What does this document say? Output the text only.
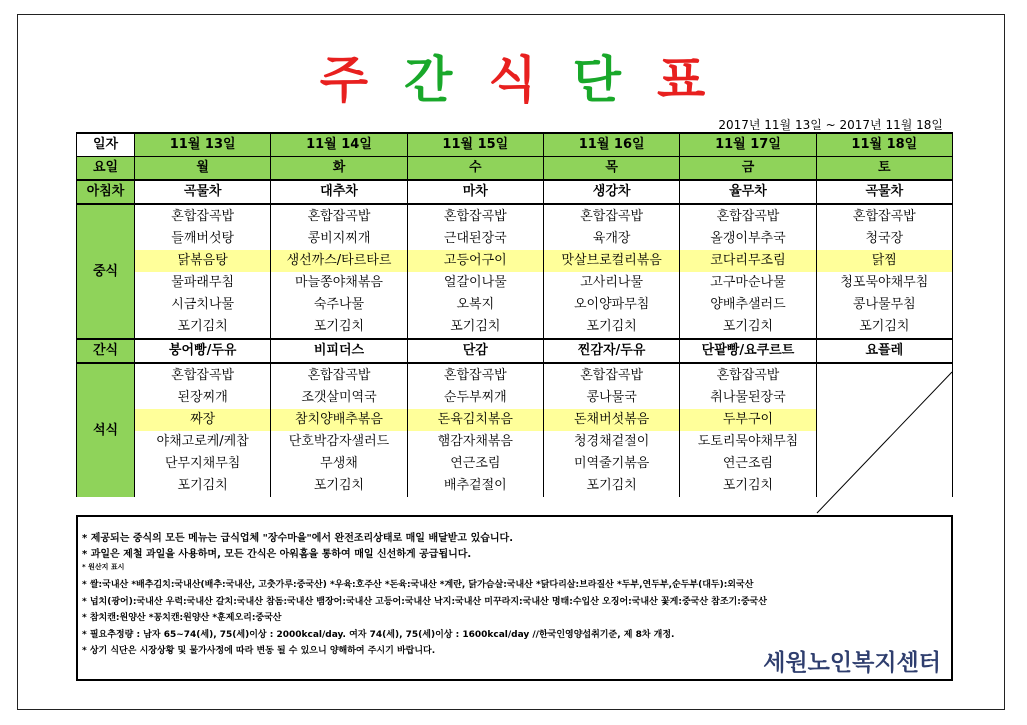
주 간 식 단 표
2017년 11월 13일 ~ 2017년 11월 18일
일자	11월 13일	11월 14일	11월 15일	11월 16일	11월 17일	11월 18일
요일	월	화	수	목	금	토
아침차	곡물차	대추차	마차	생강차	율무차	곡물차
중식	혼합잡곡밥	혼합잡곡밥	혼합잡곡밥	혼합잡곡밥	혼합잡곡밥	혼합잡곡밥
	들깨버섯탕	콩비지찌개	근대된장국	육개장	올갱이부추국	청국장
	닭볶음탕	생선까스/타르타르	고등어구이	맛살브로컬리볶음	코다리무조림	닭찜
	물파래무침	마늘쫑야채볶음	얼갈이나물	고사리나물	고구마순나물	청포묵야채무침
	시금치나물	숙주나물	오복지	오이양파무침	양배추샐러드	콩나물무침
	포기김치	포기김치	포기김치	포기김치	포기김치	포기김치
간식	붕어빵/두유	비피더스	단감	찐감자/두유	단팥빵/요쿠르트	요플레
석식	혼합잡곡밥	혼합잡곡밥	혼합잡곡밥	혼합잡곡밥	혼합잡곡밥	
	된장찌개	조갯살미역국	순두부찌개	콩나물국	취나물된장국	
	짜장	참치양배추볶음	돈육김치볶음	돈채버섯볶음	두부구이	
	야채고로케/케찹	단호박감자샐러드	햄감자채볶음	청경채겉절이	도토리묵야채무침	
	단무지채무침	무생채	연근조림	미역줄기볶음	연근조림	
	포기김치	포기김치	배추겉절이	포기김치	포기김치	
* 제공되는 중식의 모든 메뉴는 급식업체 "장수마을"에서 완전조리상태로 매일 배달받고 있습니다.
* 과일은 제철 과일을 사용하며, 모든 간식은 아워홈을 통하여 매일 신선하게 공급됩니다.
* 원산지 표시
* 쌀:국내산 *배추김치:국내산(배추:국내산, 고춧가루:중국산) *우육:호주산 *돈육:국내산 *계란, 닭가슴살:국내산 *닭다리살:브라질산 *두부,연두부,순두부(대두):외국산
* 넙치(광어):국내산 우럭:국내산 갈치:국내산 참돔:국내산 뱀장어:국내산 고등어:국내산 낙지:국내산 미꾸라지:국내산 명태:수입산 오징어:국내산 꽃게:중국산 참조기:중국산
* 참치캔:원양산 *꽁치캔:원양산 *훈제오리:중국산
* 필요추정량 : 남자 65~74(세), 75(세)이상 : 2000kcal/day. 여자 74(세), 75(세)이상 : 1600kcal/day //한국인영양섭취기준, 제 8차 개정.
* 상기 식단은 시장상황 및 물가사정에 따라 변동 될 수 있으니 양해하여 주시기 바랍니다.	세원노인복지센터
